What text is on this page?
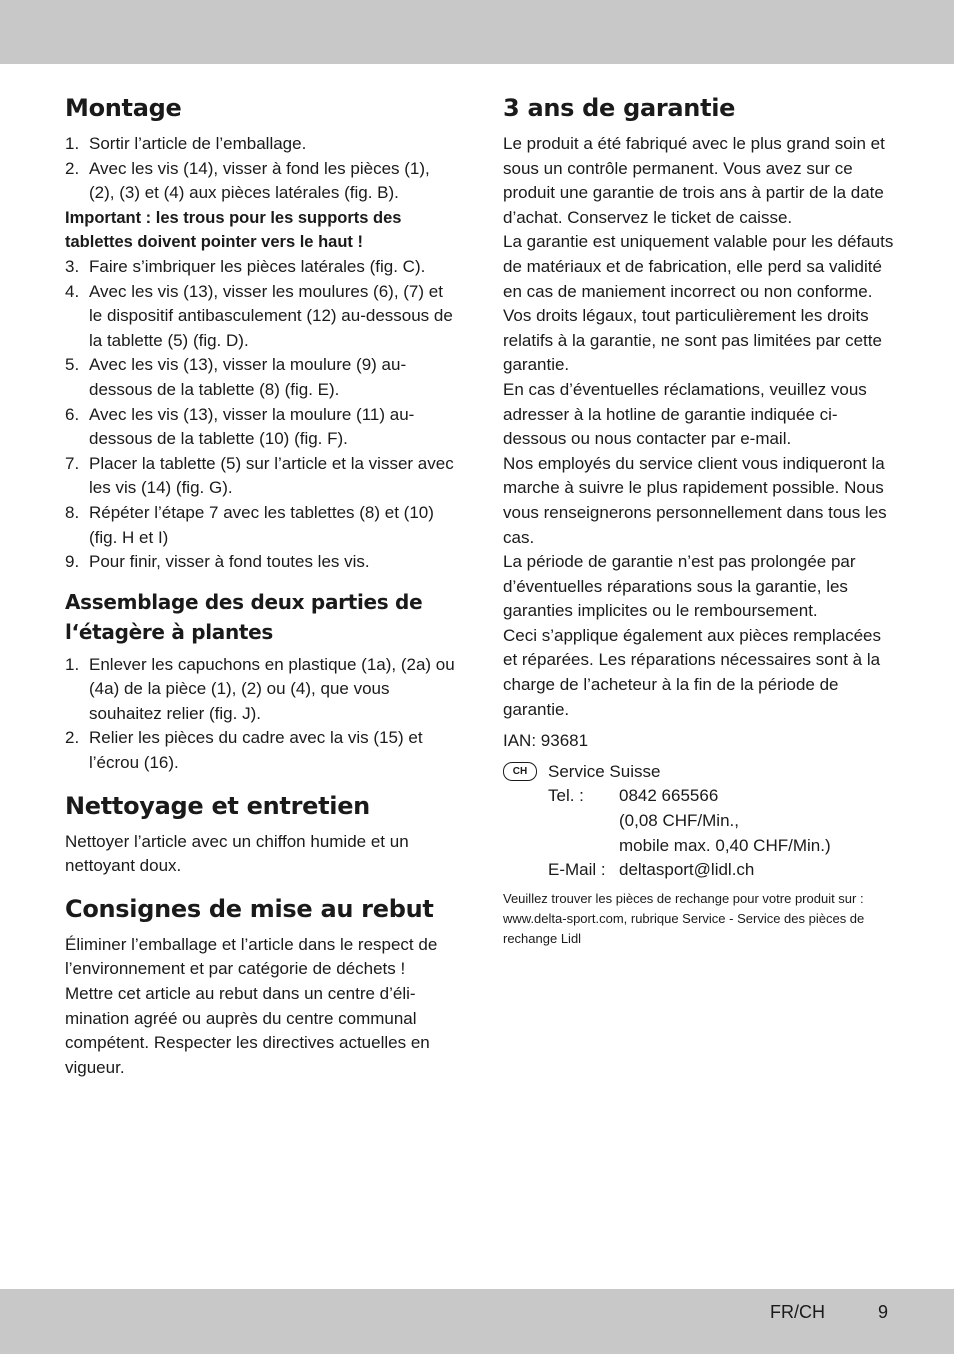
Montage
1. Sortir l’article de l’emballage.
2. Avec les vis (14), visser à fond les pièces (1), (2), (3) et (4) aux pièces latérales (fig. B).

Important : les trous pour les supports des tablettes doivent pointer vers le haut !

3. Faire s’imbriquer les pièces latérales (fig. C).
4. Avec les vis (13), visser les moulures (6), (7) et le dispositif antibasculement (12) au-dessous de la tablette (5) (fig. D).
5. Avec les vis (13), visser la moulure (9) audessous de la tablette (8) (fig. E).
6. Avec les vis (13), visser la moulure (11) au-dessous de la tablette (10) (fig. F).
7. Placer la tablette (5) sur l’article et la visser avec les vis (14) (fig. G).
8. Répéter l’étape 7 avec les tablettes (8) et (10) (fig. H et I)
9. Pour finir, visser à fond toutes les vis.
Assemblage des deux parties de l‘étagère à plantes
1. Enlever les capuchons en plastique (1a), (2a) ou (4a) de la pièce (1), (2) ou (4), que vous souhaitez relier (fig. J).
2. Relier les pièces du cadre avec la vis (15) et l’écrou (16).
Nettoyage et entretien

Nettoyer l’article avec un chiffon humide et un nettoyant doux.

Consignes de mise au rebut

Éliminer l’emballage et l’article dans le respect de l’environnement et par catégorie de déchets ! Mettre cet article au rebut dans un centre d’élimination agréé ou auprès du centre communal compétent. Respecter les directives actuelles en vigueur.

3 ans de garantie

Le produit a été fabriqué avec le plus grand soin et sous un contrôle permanent. Vous avez sur ce produit une garantie de trois ans à partir de la date d’achat. Conservez le ticket de caisse.

La garantie est uniquement valable pour les défauts de matériaux et de fabrication, elle perd sa validité en cas de maniement incorrect ou non conforme. Vos droits légaux, tout particulièrement les droits relatifs à la garantie, ne sont pas limitées par cette garantie.

En cas d’éventuelles réclamations, veuillez vous adresser à la hotline de garantie indiquée cidessous ou nous contacter par e-mail.

Nos employés du service client vous indiqueront la marche à suivre le plus rapidement possible. Nous vous renseignerons personnellement dans tous les cas.

La période de garantie n’est pas prolongée par d’éventuelles réparations sous la garantie, les garanties implicites ou le remboursement.

Ceci s’applique également aux pièces remplacées et réparées. Les réparations nécessaires sont à la charge de l’acheteur à la fin de la période de garantie.

IAN: 93681

CH	Service Suisse
Tel. :	0842 665566
(0,08 CHF/Min.,
mobile max. 0,40 CHF/Min.)
E-Mail : deltasport@lidl.ch

Veuillez trouver les pièces de rechange pour votre produit sur : www.delta-sport.com, rubrique Service - Service des pièces de rechange Lidl

FR/CH	9
